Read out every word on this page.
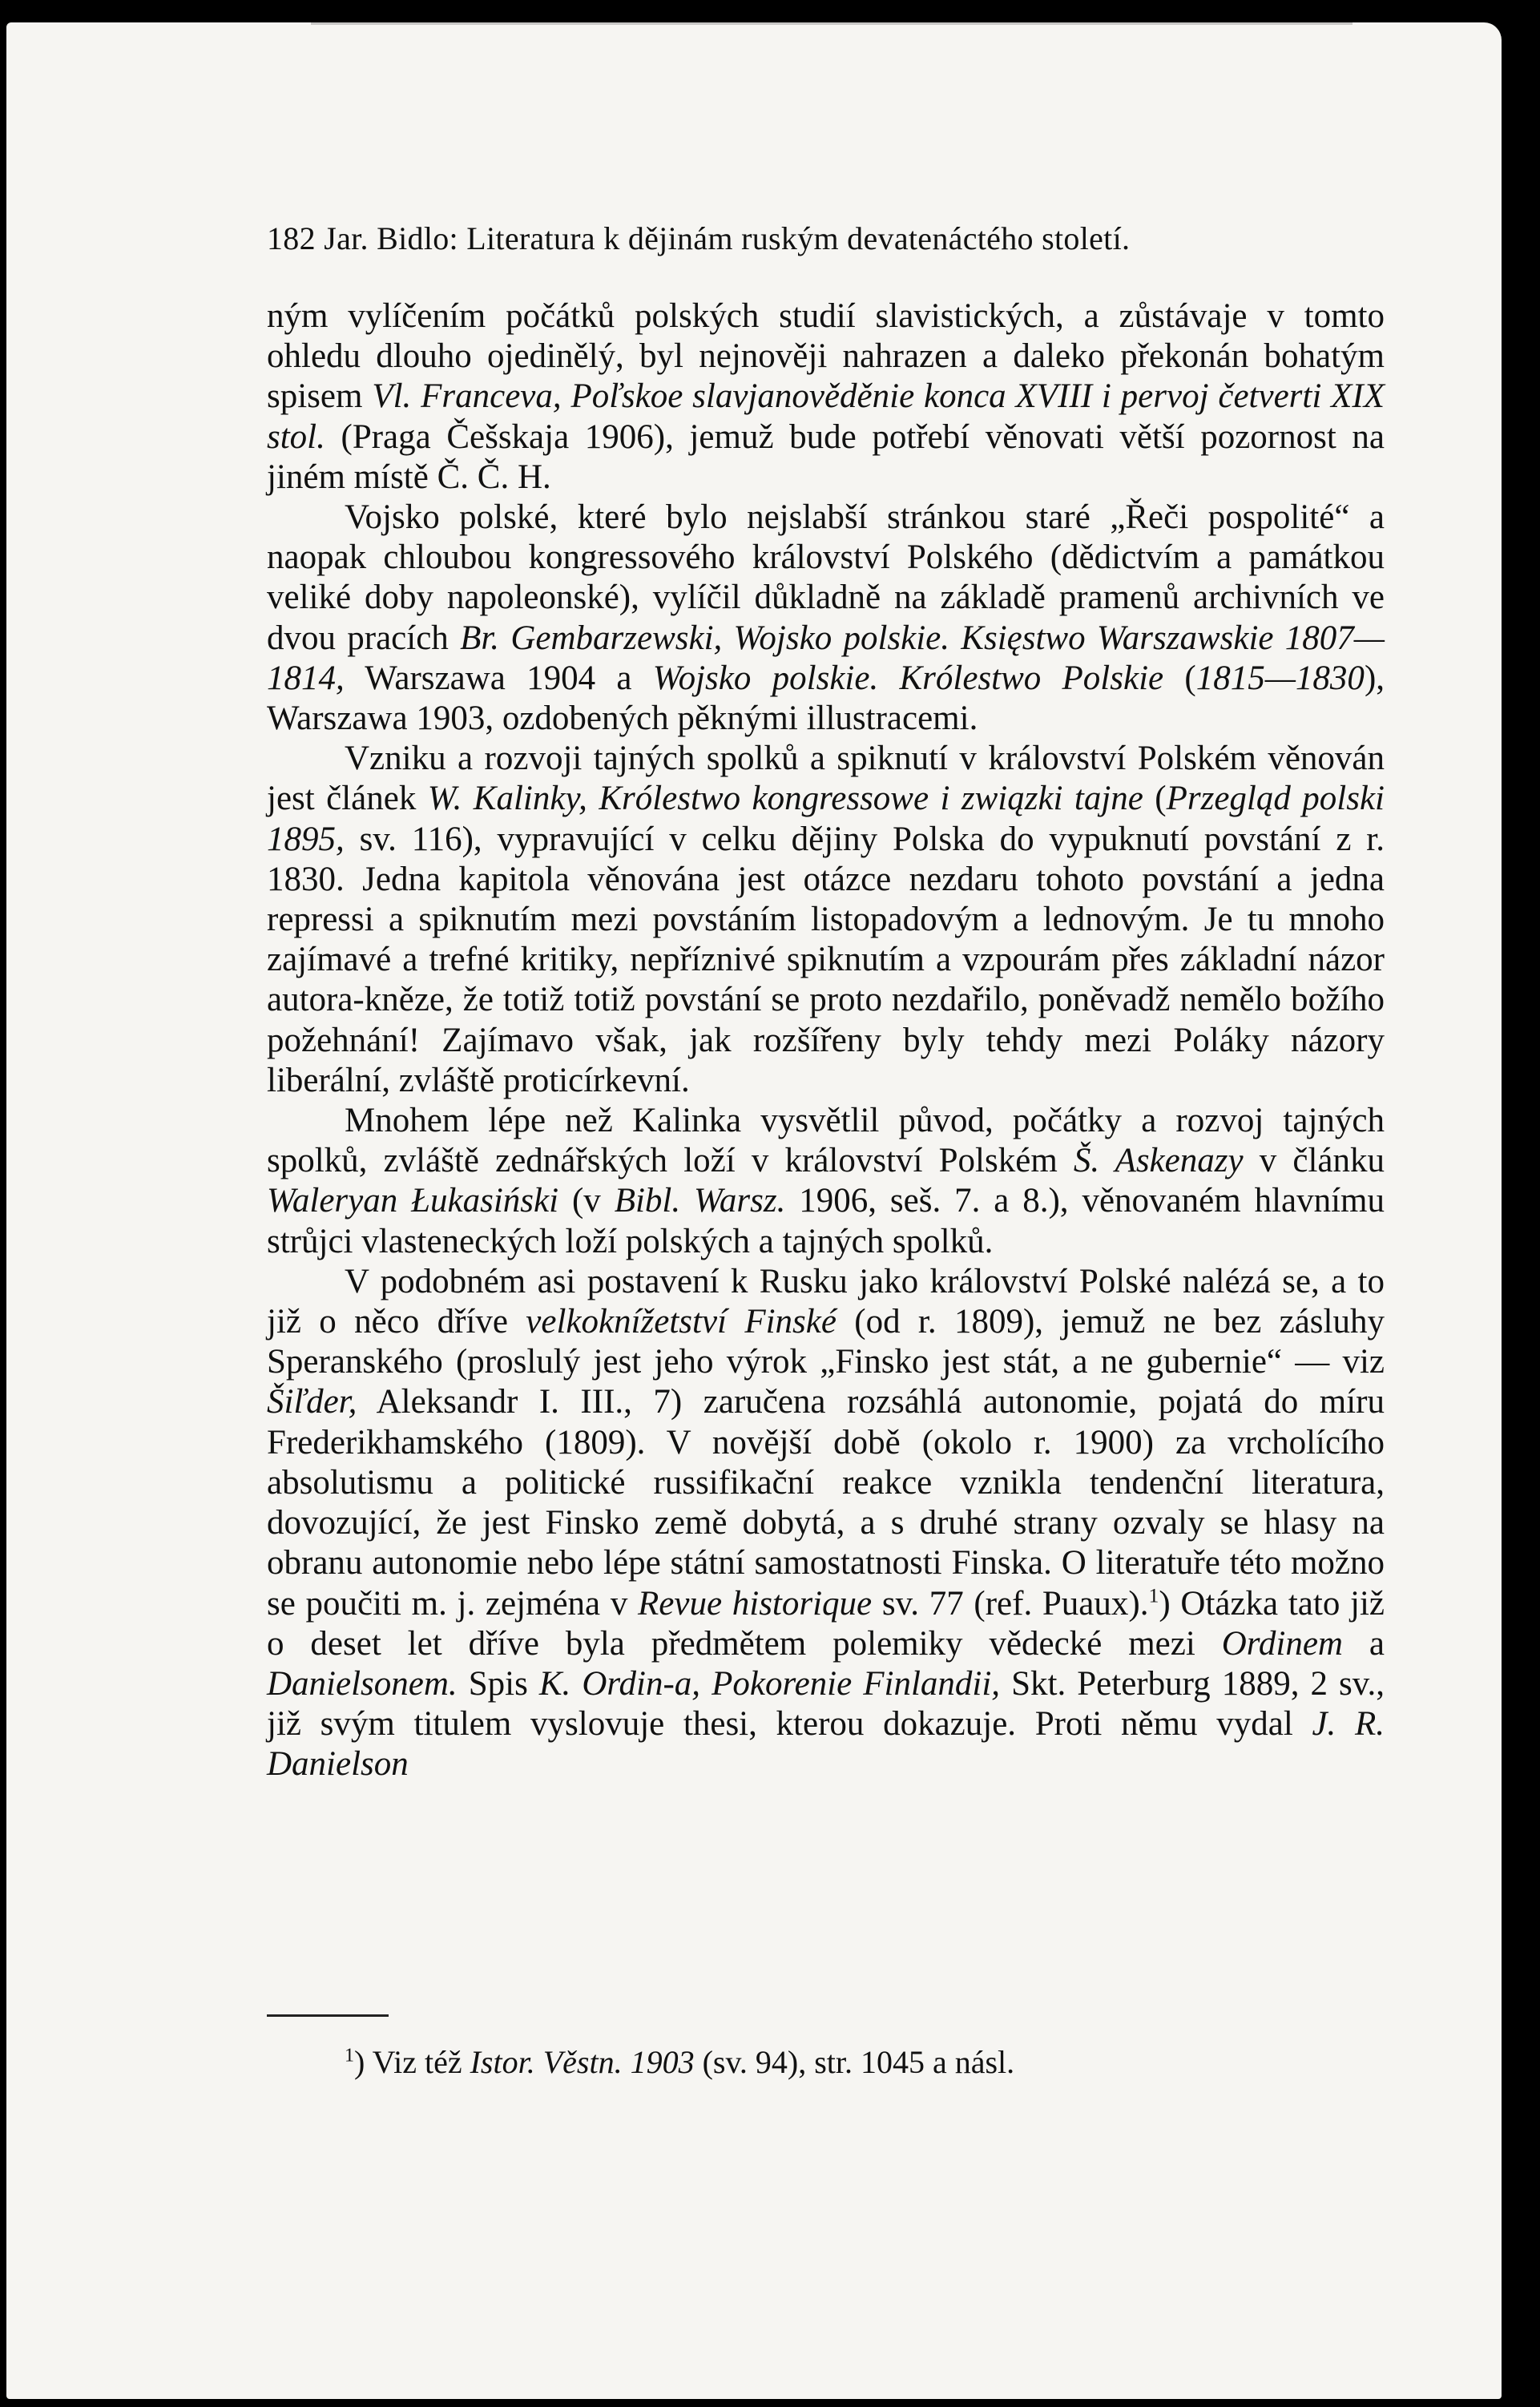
182 Jar. Bidlo: Literatura k dějinám ruským devatenáctého století.

ným vylíčením počátků polských studií slavistických, a zůstávaje v tomto ohledu dlouho ojedinělý, byl nejnověji nahrazen a daleko překonán bohatým spisem Vl. Franceva, Poľskoe slavjanověděnie konca XVIII i pervoj četverti XIX stol. (Praga Češskaja 1906), jemuž bude potřebí věnovati větší pozornost na jiném místě Č. Č. H.

Vojsko polské, které bylo nejslabší stránkou staré „Řeči pospolité“ a naopak chloubou kongressového království Polského (dědictvím a památkou veliké doby napoleonské), vylíčil důkladně na základě pramenů archivních ve dvou pracích Br. Gembarzewski, Wojsko polskie. Księstwo Warszawskie 1807—1814, Warszawa 1904 a Wojsko polskie. Królestwo Polskie (1815—1830), Warszawa 1903, ozdobených pěknými illustracemi.

Vzniku a rozvoji tajných spolků a spiknutí v království Polském věnován jest článek W. Kalinky, Królestwo kongressowe i związki tajne (Przegląd polski 1895, sv. 116), vypravující v celku dějiny Polska do vypuknutí povstání z r. 1830. Jedna kapitola věnována jest otázce nezdaru tohoto povstání a jedna repressi a spiknutím mezi povstáním listopadovým a lednovým. Je tu mnoho zajímavé a trefné kritiky, nepříznivé spiknutím a vzpourám přes základní názor autora-kněze, že totiž totiž povstání se proto nezdařilo, poněvadž nemělo božího požehnání! Zajímavo však, jak rozšířeny byly tehdy mezi Poláky názory liberální, zvláště proticírkevní.

Mnohem lépe než Kalinka vysvětlil původ, počátky a rozvoj tajných spolků, zvláště zednářských loží v království Polském Š. Askenazy v článku Waleryan Łukasiński (v Bibl. Warsz. 1906, seš. 7. a 8.), věnovaném hlavnímu strůjci vlasteneckých loží polských a tajných spolků.

V podobném asi postavení k Rusku jako království Polské nalézá se, a to již o něco dříve velkoknížetství Finské (od r. 1809), jemuž ne bez zásluhy Speranského (proslulý jest jeho výrok „Finsko jest stát, a ne gubernie“ — viz Šiľder, Aleksandr I. III., 7) zaručena rozsáhlá autonomie, pojatá do míru Frederikhamského (1809). V novější době (okolo r. 1900) za vrcholícího absolutismu a politické russifikační reakce vznikla tendenční literatura, dovozující, že jest Finsko země dobytá, a s druhé strany ozvaly se hlasy na obranu autonomie nebo lépe státní samostatnosti Finska. O literatuře této možno se poučiti m. j. zejména v Revue historique sv. 77 (ref. Puaux).$^1$) Otázka tato již o deset let dříve byla předmětem polemiky vědecké mezi Ordinem a Danielsonem. Spis K. Ordin-a, Pokorenie Finlandii, Skt. Peterburg 1889, 2 sv., již svým titulem vyslovuje thesi, kterou dokazuje. Proti němu vydal J. R. Danielson

$^1$) Viz též Istor. Věstn. 1903 (sv. 94), str. 1045 a násl.
